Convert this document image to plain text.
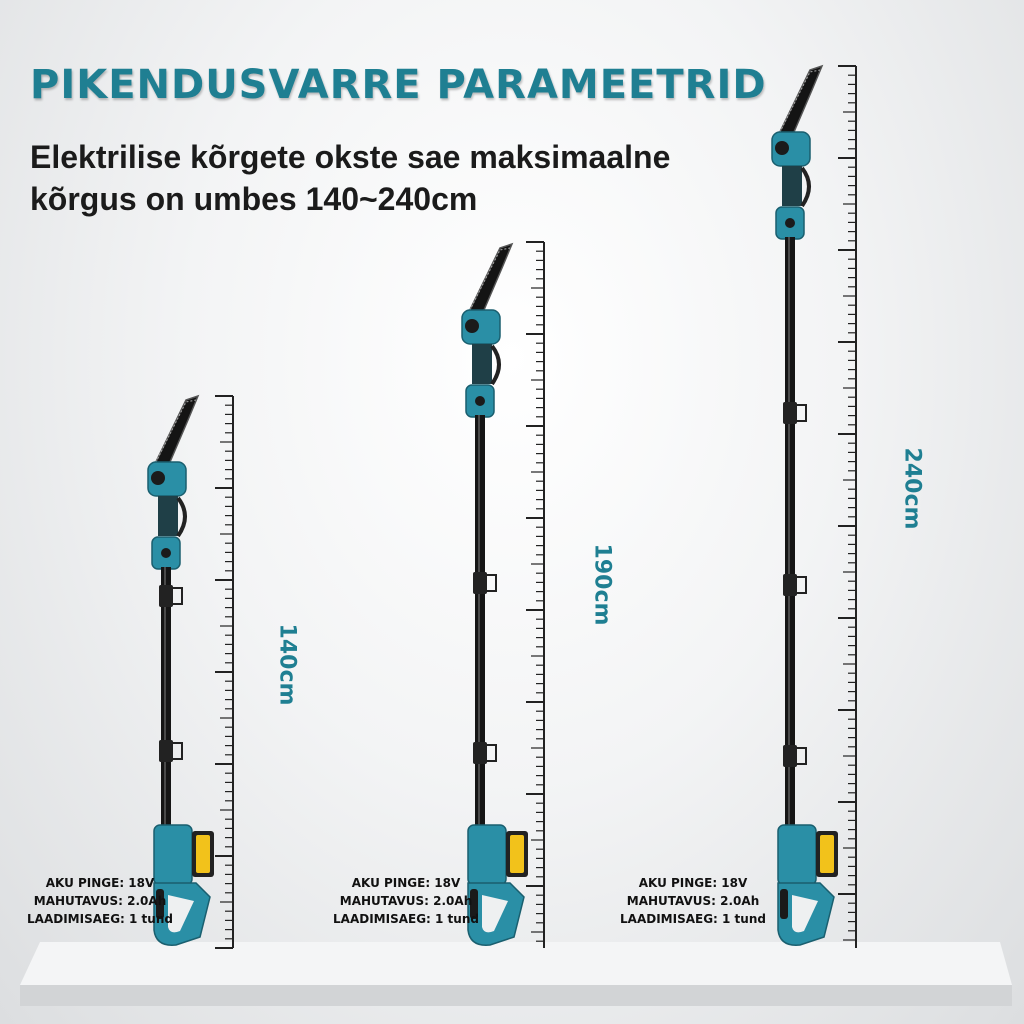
PIKENDUSVARRE PARAMEETRID

Elektrilise kõrgete okste sae maksimaalne
kõrgus on umbes 140~240cm

140cm
190cm
240cm
AKU PINGE: 18V
MAHUTAVUS: 2.0Ah
LAADIMISAEG: 1 tund
AKU PINGE: 18V
MAHUTAVUS: 2.0Ah
LAADIMISAEG: 1 tund
AKU PINGE: 18V
MAHUTAVUS: 2.0Ah
LAADIMISAEG: 1 tund
